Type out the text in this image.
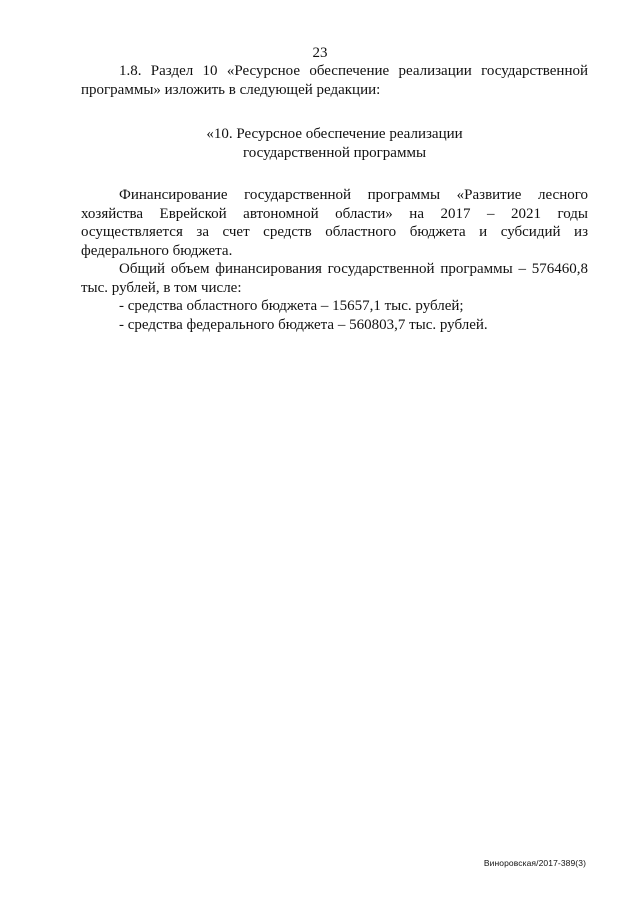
23

1.8. Раздел 10 «Ресурсное обеспечение реализации государственной программы» изложить в следующей редакции:

«10. Ресурсное обеспечение реализации
государственной программы

Финансирование государственной программы «Развитие лесного хозяйства Еврейской автономной области» на 2017 – 2021 годы осуществляется за счет средств областного бюджета и субсидий из федерального бюджета.

Общий объем финансирования государственной программы – 576460,8 тыс. рублей, в том числе:

- средства областного бюджета – 15657,1 тыс. рублей;

- средства федерального бюджета – 560803,7 тыс. рублей.

Виноровская/2017-389(3)
